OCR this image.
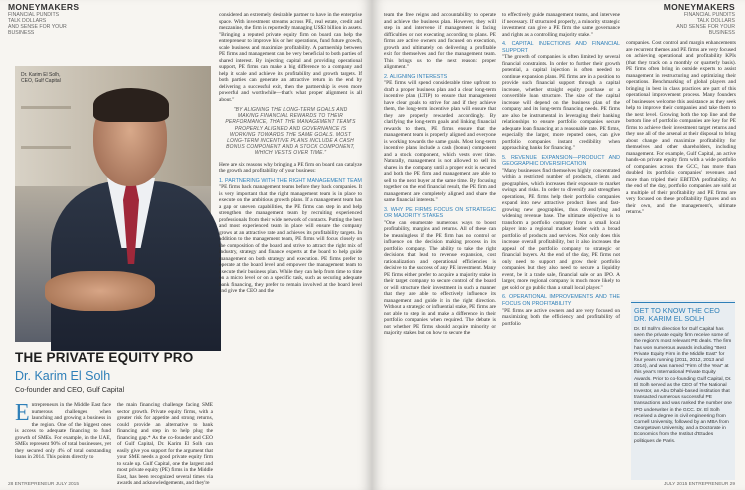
MONEYMAKERS
FINANCIAL PUNDITS
TALK DOLLARS
AND SENSE FOR YOUR
BUSINESS
Dr. Karim El Solh,
CEO, Gulf Capital
THE PRIVATE EQUITY PRO
Dr. Karim El Solh
Co-founder and CEO, Gulf Capital
Entrepreneurs in the Middle East face numerous challenges when launching and growing a business in the region. One of the biggest ones is access to adequate financing to fund growth of SMEs. For example, in the UAE, SMEs represent 90% of total businesses, yet they secured only 4% of total outstanding loans in 2014. This points directly to

the main financing challenge facing SME sector growth. Private equity firms, with a greater risk for appetite and strong returns, could provide an alternative to bank financing and step in to help plug the financing gap.* As the co-founder and CEO of Gulf Capital, Dr. Karim El Solh can easily give you support for the argument that your SME needs a good private equity firm to scale up. Gulf Capital, one the largest and most private equity (PE) firms in the Middle East, has been recognized several times via awards and acknowledgements, and they're

considered an extremely desirable partner to have in the enterprise space. With investment streams across PE, real estate, credit and mezzanine, the firm is reportedly managing US$3 billion in assets. "Bringing a reputed private equity firm on board can help the entrepreneur to improve his or her operations, fund future growth, scale business and maximize profitability. A partnership between PE firms and management can be very beneficial to both parties of shared interest. By injecting capital and providing operational support, PE firms can make a big difference to a company and help it scale and achieve its profitability and growth targets. If both parties can generate an attractive return in the end by delivering a successful exit, then the partnership is even more powerful and worthwhile—that's what proper alignment is all about."

"BY ALIGNING THE LONG-TERM GOALS AND MAKING FINANCIAL REWARDS TO THEIR PERFORMANCE, THAT THE MANAGEMENT TEAM'S PROPERLY ALIGNED AND GOVERNANCE IS WORKING TOWARDS THE SAME GOALS. MOST LONG-TERM INCENTIVE PLANS INCLUDE A CASH BONUS COMPONENT AND A STOCK COMPONENT, WHICH VESTS OVER TIME."

Here are six reasons why bringing a PE firm on board can catalyze the growth and profitability of your business:

1. PARTNERING WITH THE RIGHT MANAGEMENT TEAM

"PE firms back management teams before they back companies. It is very important that the right management team is in place to execute on the ambitious growth plans. If a management team has a gap or uneven capabilities, the PE firms can step in and help strengthen the management team by recruiting experienced professionals from their wide network of contacts. Putting the best and most experienced team in place will ensure the company grows at an attractive rate and achieves its profitability targets. In addition to the management team, PE firms will focus closely on the composition of the board and strive to attract the right mix of industry, strategy and finance experts at the board to help guide management on both strategy and execution. PE firms prefer to operate at the board level and empower the management team to execute their business plan. While they can help from time to time on a micro level or on a specific task, such as securing adequate bank financing, they prefer to remain involved at the board level and give the CEO and the

28 ENTREPRENEUR JULY 2015
MONEYMAKERS
FINANCIAL PUNDITS
TALK DOLLARS
AND SENSE FOR YOUR
BUSINESS

team the free reigns and accountability to operate and achieve the business plan. However, they will step in and intervene if management is facing difficulties or not executing according to plans. PE firms are active owners and focused on execution, growth and ultimately on delivering a profitable exit for themselves and for the management team. This brings us to the next reason: proper alignment."

2. ALIGNING INTERESTS

"PE firms will spend considerable time upfront to draft a proper business plan and a clear long-term incentive plan (LTIP) to ensure that management have clear goals to strive for and if they achieve them, the long-term incentive plan will ensure that they are properly rewarded accordingly. By clarifying the long-term goals and linking financial rewards to them, PE firms ensure that the management team is properly aligned and everyone is working towards the same goals. Most long-term incentive plans include a cash (bonus) component and a stock component, which vests over time. Naturally, management is not allowed to sell its shares in the company until a proper exit is secured and both the PE firm and management are able to sell to the next buyer at the same time. By focusing together on the end financial result, the PE firm and management are completely aligned and share the same financial interests."

3. WHY PE FIRMS FOCUS ON STRATEGIC OR MAJORITY STAKES

"One can enumerate numerous ways to boost profitability, margins and returns. All of these can be meaningless if the PE firm has no control or influence on the decision making process in its portfolio company. The ability to take the right decisions that lead to revenue expansion, cost rationalization and operational efficiencies is decisive to the success of any PE investment. Many PE firms either prefer to acquire a majority stake in their target company to secure control of the board or will structure their investment in such a manner that they are able to effectively influence its management and guide it in the right direction. Without a strategic or influential stake, PE firms are not able to step in and make a difference in their portfolio companies when required. The debate is not whether PE firms should acquire minority or majority stakes but on how to secure the

to effectively guide management teams, and intervene if necessary. If structured properly, a minority strategic investment can give a PE firm the same governance and rights as a controlling majority stake."

4. CAPITAL INJECTIONS AND FINANCIAL SUPPORT

"The growth of companies is often limited by several financial constraints. In order to further their growth potential, a capital injection is often needed to continue expansion plans. PE firms are in a position to provide such financial support through a capital increase, whether straight equity purchase or a convertible loan structure. The size of the capital increase will depend on the business plan of the company and its long-term financing needs. PE firms are also be instrumental in leveraging their banking relationships to ensure portfolio companies secure adequate loan financing at a reasonable rate. PE firms, especially the larger, more reputed ones, can give portfolio companies instant credibility when approaching banks for financing."

5. REVENUE EXPANSION—PRODUCT AND GEOGRAPHIC DIVERSIFICATION

"Many businesses find themselves highly concentrated within a restricted number of products, clients and geographies, which increases their exposure to market swings and risks. In order to diversify and strengthen operations, PE firms help their portfolio companies expand into new attractive product lines and fast-growing new geographies, thus diversifying and widening revenue base. The ultimate objective is to transform a portfolio company from a small local player into a regional market leader with a broad portfolio of products and services. Not only does this increase overall profitability, but it also increases the appeal of the portfolio company to strategic or financial buyers. At the end of the day, PE firms not only need to support and grow their portfolio companies but they also need to secure a liquidity event, be it a trade sale, financial sale or an IPO. A larger, more regional company is much more likely to get sold or go public than a small local player."

6. OPERATIONAL IMPROVEMENTS AND THE FOCUS ON PROFITABILITY

"PE firms are active owners and are very focused on maximizing both the efficiency and profitability of portfolio

companies. Cost control and margin enhancements are recurrent themes and PE firms are very focused on achieving operational and profitability KPIs (that they track on a monthly or quarterly basis). PE firms often bring in outside experts to assist management in restructuring and optimizing their operations. Benchmarking of global players and bringing in best in class practices are part of this operational improvement process. Many founders of businesses welcome this assistance as they seek help to improve their companies and take them to the next level. Growing both the top line and the bottom line of portfolio companies are key for PE firms to achieve their investment target returns and they use all of the arsenal at their disposal to bring about change and maximize profitability for themselves and other shareholders, including management. For example, Gulf Capital, an active hands-on private equity firm with a wide portfolio of companies across the GCC, has more than doubled its portfolio companies' revenues and more than tripled their EBITDA profitability. At the end of the day, portfolio companies are sold at a multiple of their profitability and PE firms are very focused on these profitability figures and on their own, and the management's, ultimate returns."

GET TO KNOW THE CEO
DR. KARIM EL SOLH
Dr. El Solh's direction for Gulf Capital has seen the private equity firm receive some of the region's most relevant PE deals. The firm has won numerous awards including "Best Private Equity Firm in the Middle East" for four years running (2011, 2012, 2013 and 2014), and was named "Firm of the Year" at this year's International Private Equity Awards. Prior to co-founding Gulf Capital, Dr. El Solh served as the CEO of The National Investor, an Abu Dhabi-based institution that transacted numerous successful PE transactions and was ranked the number one IPO underwriter in the GCC. Dr. El Solh received a degree in civil engineering from Cornell University, followed by an MBA from Georgetown University, and a Doctorate in Economics from the Institut d'Etudes politiques de Paris.
JULY 2015 ENTREPRENEUR 29
